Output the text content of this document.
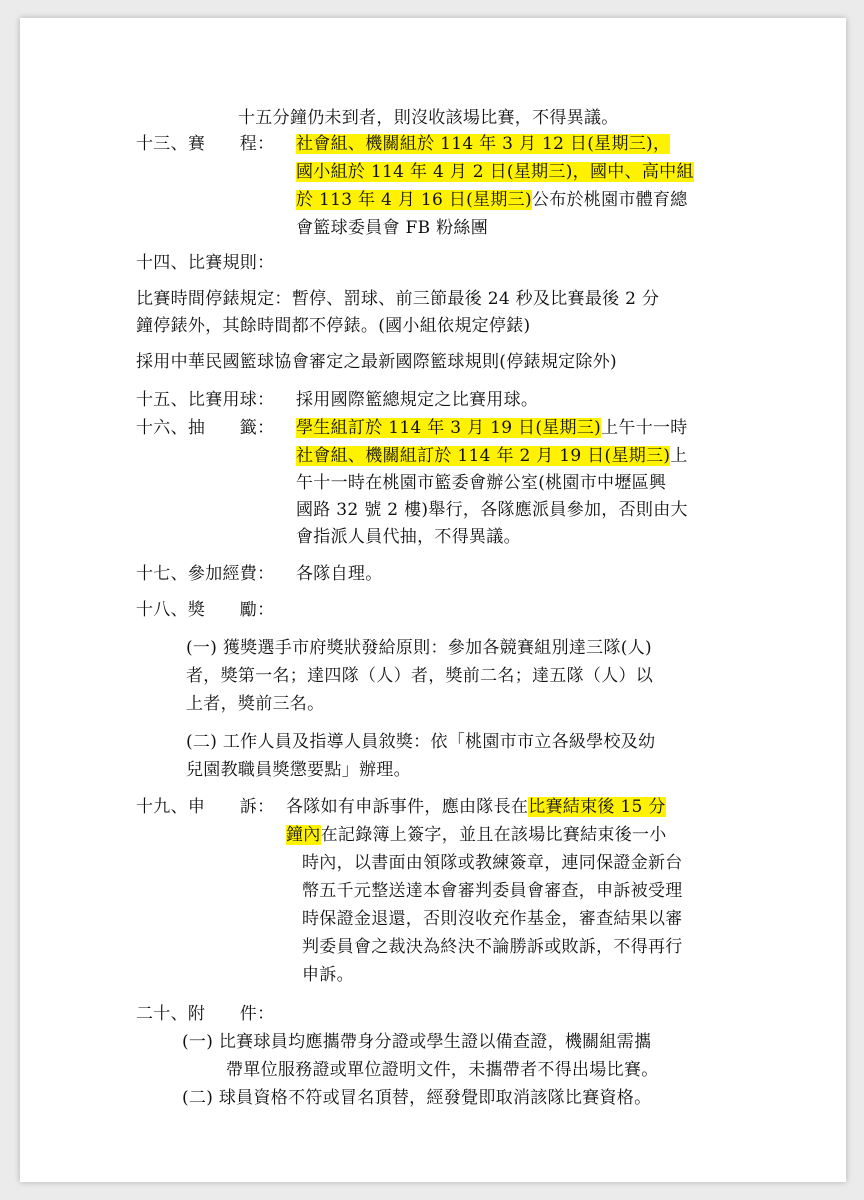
十五分鐘仍未到者，則沒收該場比賽，不得異議。
十三、賽　　程： 社會組、機關組於 114 年 3 月 12 日(星期三)，
國小組於 114 年 4 月 2 日(星期三)，國中、高中組
於 113 年 4 月 16 日(星期三)公布於桃園市體育總
會籃球委員會 FB 粉絲團
十四、比賽規則：
比賽時間停錶規定：暫停、罰球、前三節最後 24 秒及比賽最後 2 分
鐘停錶外，其餘時間都不停錶。(國小組依規定停錶)
採用中華民國籃球協會審定之最新國際籃球規則(停錶規定除外)
十五、比賽用球： 採用國際籃總規定之比賽用球。
十六、抽　　籤： 學生組訂於 114 年 3 月 19 日(星期三)上午十一時
社會組、機關組訂於 114 年 2 月 19 日(星期三)上
午十一時在桃園市籃委會辦公室(桃園市中壢區興
國路 32 號 2 樓)舉行，各隊應派員參加，否則由大
會指派人員代抽，不得異議。
十七、參加經費： 各隊自理。
十八、獎　　勵：
(一) 獲獎選手市府獎狀發給原則：參加各競賽組別達三隊(人)
者，獎第一名；達四隊（人）者，獎前二名；達五隊（人）以
上者，獎前三名。
(二) 工作人員及指導人員敘獎：依「桃園市市立各級學校及幼
兒園教職員獎懲要點」辦理。
十九、申　　訴： 各隊如有申訴事件，應由隊長在比賽結束後 15 分
鐘內在記錄簿上簽字，並且在該場比賽結束後一小
時內，以書面由領隊或教練簽章，連同保證金新台
幣五千元整送達本會審判委員會審查，申訴被受理
時保證金退還，否則沒收充作基金，審查結果以審
判委員會之裁決為終決不論勝訴或敗訴，不得再行
申訴。
二十、附　　件：
(一) 比賽球員均應攜帶身分證或學生證以備查證，機關組需攜
帶單位服務證或單位證明文件，未攜帶者不得出場比賽。
(二) 球員資格不符或冒名頂替，經發覺即取消該隊比賽資格。
